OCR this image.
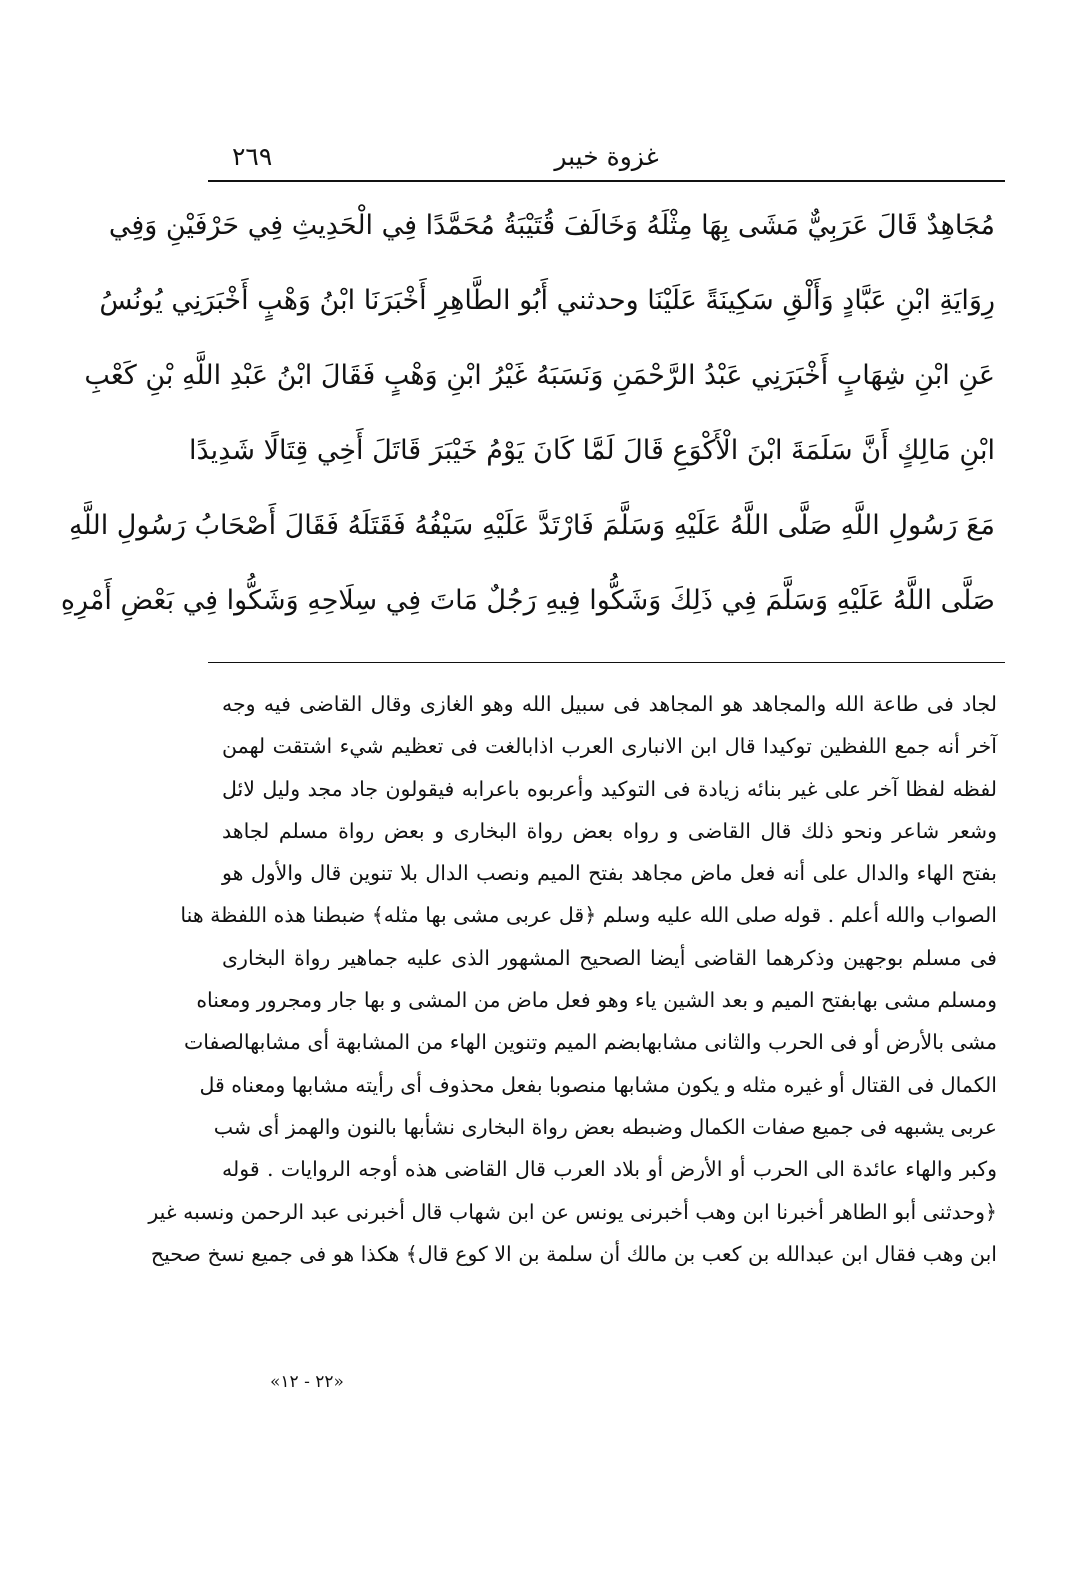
غزوة خيبر
٢٦٩
مُجَاهِدٌ قَالَ عَرَبِيٌّ مَشَى بِهَا مِثْلَهُ وَخَالَفَ قُتَيْبَةُ مُحَمَّدًا فِي الْحَدِيثِ فِي حَرْفَيْنِ وَفِي
رِوَايَةِ ابْنِ عَبَّادٍ وَأَلْقِ سَكِينَةً عَلَيْنَا وحدثني أَبُو الطَّاهِرِ أَخْبَرَنَا ابْنُ وَهْبٍ أَخْبَرَنِي يُونُسُ
عَنِ ابْنِ شِهَابٍ أَخْبَرَنِي عَبْدُ الرَّحْمَنِ وَنَسَبَهُ غَيْرُ ابْنِ وَهْبٍ فَقَالَ ابْنُ عَبْدِ اللَّهِ بْنِ كَعْبِ
ابْنِ مَالِكٍ أَنَّ سَلَمَةَ ابْنَ الْأَكْوَعِ قَالَ لَمَّا كَانَ يَوْمُ خَيْبَرَ قَاتَلَ أَخِي قِتَالًا شَدِيدًا
مَعَ رَسُولِ اللَّهِ صَلَّى اللَّهُ عَلَيْهِ وَسَلَّمَ فَارْتَدَّ عَلَيْهِ سَيْفُهُ فَقَتَلَهُ فَقَالَ أَصْحَابُ رَسُولِ اللَّهِ
صَلَّى اللَّهُ عَلَيْهِ وَسَلَّمَ فِي ذَلِكَ وَشَكُّوا فِيهِ رَجُلٌ مَاتَ فِي سِلَاحِهِ وَشَكُّوا فِي بَعْضِ أَمْرِهِ
لجاد فى طاعة الله والمجاهد هو المجاهد فى سبيل الله وهو الغازى وقال القاضى فيه وجه
آخر أنه جمع اللفظين توكيدا قال ابن الانبارى العرب اذابالغت فى تعظيم شيء اشتقت لهمن
لفظه لفظا آخر على غير بنائه زيادة فى التوكيد وأعربوه باعرابه فيقولون جاد مجد وليل لائل
وشعر شاعر ونحو ذلك قال القاضى و رواه بعض رواة البخارى و بعض رواة مسلم لجاهد
بفتح الهاء والدال على أنه فعل ماض مجاهد بفتح الميم ونصب الدال بلا تنوين قال والأول هو
الصواب والله أعلم . قوله صلى الله عليه وسلم ﴿قل عربى مشى بها مثله﴾ ضبطنا هذه اللفظة هنا
فى مسلم بوجهين وذكرهما القاضى أيضا الصحيح المشهور الذى عليه جماهير رواة البخارى
ومسلم مشى بهابفتح الميم و بعد الشين ياء وهو فعل ماض من المشى و بها جار ومجرور ومعناه
مشى بالأرض أو فى الحرب والثانى مشابهابضم الميم وتنوين الهاء من المشابهة أى مشابهالصفات
الكمال فى القتال أو غيره مثله و يكون مشابها منصوبا بفعل محذوف أى رأيته مشابها ومعناه قل
عربى يشبهه فى جميع صفات الكمال وضبطه بعض رواة البخارى نشأبها بالنون والهمز أى شب
وكبر والهاء عائدة الى الحرب أو الأرض أو بلاد العرب قال القاضى هذه أوجه الروايات . قوله
﴿وحدثنى أبو الطاهر أخبرنا ابن وهب أخبرنى يونس عن ابن شهاب قال أخبرنى عبد الرحمن ونسبه غير
ابن وهب فقال ابن عبدالله بن كعب بن مالك أن سلمة بن الا كوع قال﴾ هكذا هو فى جميع نسخ صحيح
«٢٢ - ١٢»
